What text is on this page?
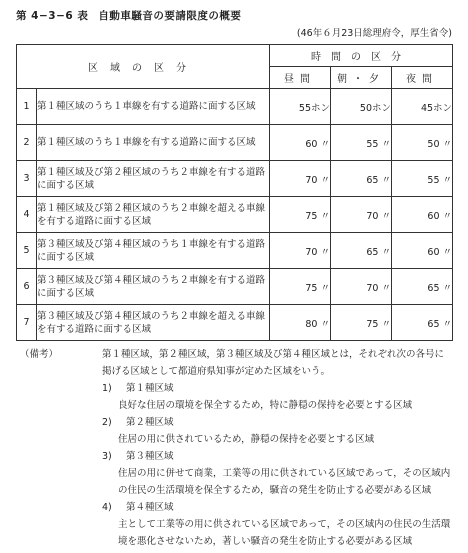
第 4−3−6 表 自動車騒音の要請限度の概要
(46年６月23日総理府令，厚生省令)
区域の区分		時間の区分		
		昼間	朝・夕	夜間
1	第１種区域のうち１車線を有する道路に面する区域	55ホン	50ホン	45ホン
2	第１種区域のうち１車線を有する道路に面する区域	60 〃	55 〃	50 〃
3	第１種区域及び第２種区域のうち２車線を有する道路に面する区域	70 〃	65 〃	55 〃
4	第１種区域及び第２種区域のうち２車線を超える車線を有する道路に面する区域	75 〃	70 〃	60 〃
5	第３種区域及び第４種区域のうち１車線を有する道路に面する区域	70 〃	65 〃	60 〃
6	第３種区域及び第４種区域のうち２車線を有する道路に面する区域	75 〃	70 〃	65 〃
7	第３種区域及び第４種区域のうち２車線を超える車線を有する道路に面する区域	80 〃	75 〃	65 〃
（備考）	第１種区域，第２種区域，第３種区域及び第４種区域とは，それぞれ次の各号に掲げる区域として都道府県知事が定めた区域をいう。
1) 第１種区域
良好な住居の環境を保全するため，特に静穏の保持を必要とする区域
2) 第２種区域
住居の用に供されているため，静穏の保持を必要とする区域
3) 第３種区域
住居の用に併せて商業，工業等の用に供されている区域であって，その区域内の住民の生活環境を保全するため，騒音の発生を防止する必要がある区域
4) 第４種区域
主として工業等の用に供されている区域であって，その区域内の住民の生活環境を悪化させないため，著しい騒音の発生を防止する必要がある区域
